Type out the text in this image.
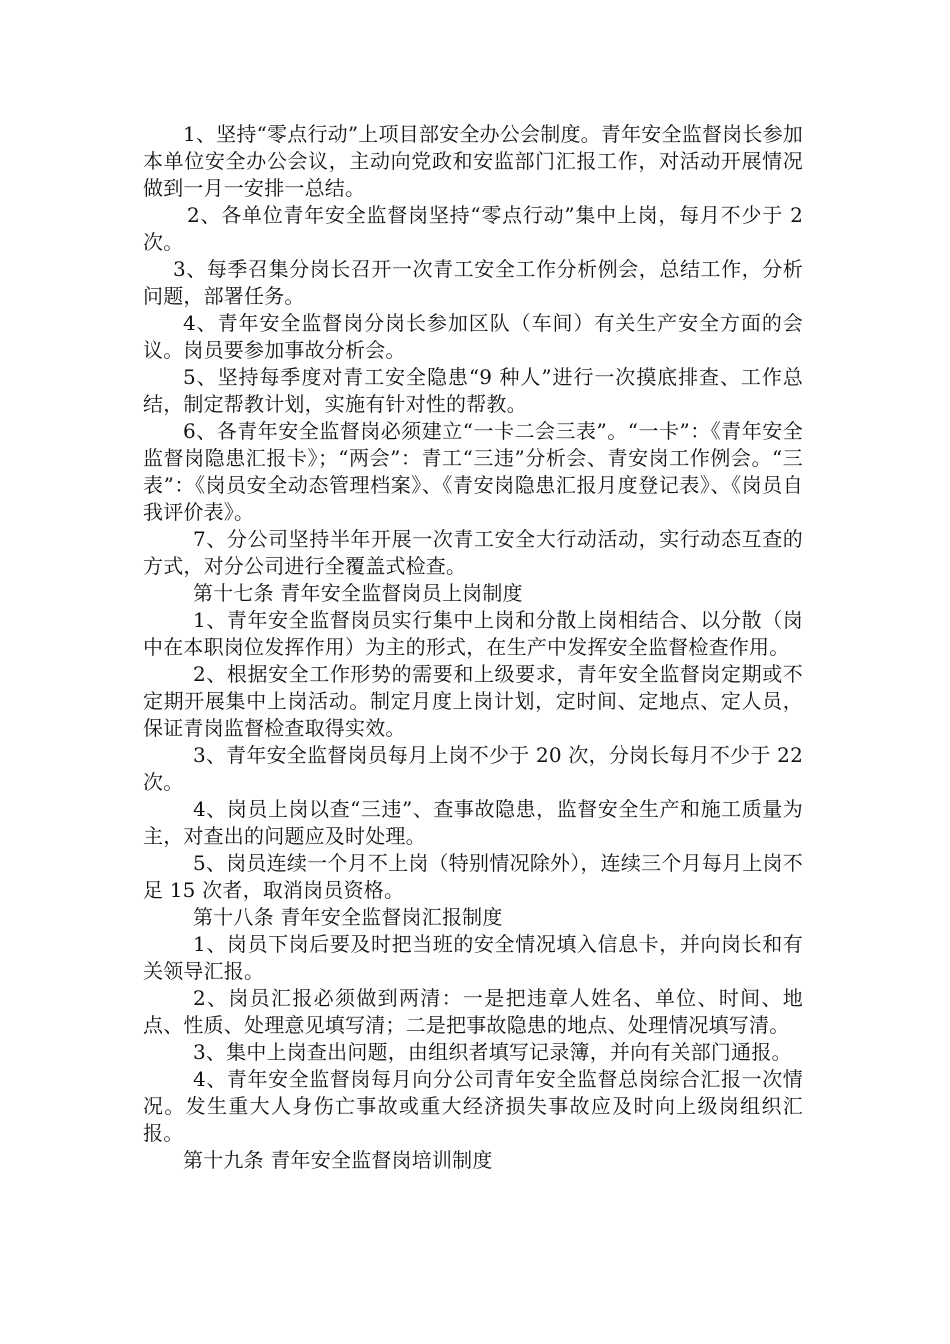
1、坚持“零点行动”上项目部安全办公会制度。青年安全监督岗长参加本单位安全办公会议，主动向党政和安监部门汇报工作，对活动开展情况做到一月一安排一总结。

2、各单位青年安全监督岗坚持“零点行动”集中上岗，每月不少于 2 次。

3、每季召集分岗长召开一次青工安全工作分析例会，总结工作，分析问题，部署任务。

4、青年安全监督岗分岗长参加区队（车间）有关生产安全方面的会议。岗员要参加事故分析会。

5、坚持每季度对青工安全隐患“9 种人”进行一次摸底排查、工作总结，制定帮教计划，实施有针对性的帮教。

6、各青年安全监督岗必须建立“一卡二会三表”。“一卡”：《青年安全监督岗隐患汇报卡》；“两会”：青工“三违”分析会、青安岗工作例会。“三表”：《岗员安全动态管理档案》、《青安岗隐患汇报月度登记表》、《岗员自我评价表》。

7、分公司坚持半年开展一次青工安全大行动活动，实行动态互查的方式，对分公司进行全覆盖式检查。

第十七条 青年安全监督岗员上岗制度

1、青年安全监督岗员实行集中上岗和分散上岗相结合、以分散（岗中在本职岗位发挥作用）为主的形式，在生产中发挥安全监督检查作用。

2、根据安全工作形势的需要和上级要求，青年安全监督岗定期或不定期开展集中上岗活动。制定月度上岗计划，定时间、定地点、定人员，保证青岗监督检查取得实效。

3、青年安全监督岗员每月上岗不少于 20 次，分岗长每月不少于 22 次。

4、岗员上岗以查“三违”、查事故隐患，监督安全生产和施工质量为主，对查出的问题应及时处理。

5、岗员连续一个月不上岗（特别情况除外），连续三个月每月上岗不足 15 次者，取消岗员资格。

第十八条 青年安全监督岗汇报制度

1、岗员下岗后要及时把当班的安全情况填入信息卡，并向岗长和有关领导汇报。

2、岗员汇报必须做到两清：一是把违章人姓名、单位、时间、地点、性质、处理意见填写清；二是把事故隐患的地点、处理情况填写清。

3、集中上岗查出问题，由组织者填写记录簿，并向有关部门通报。

4、青年安全监督岗每月向分公司青年安全监督总岗综合汇报一次情况。发生重大人身伤亡事故或重大经济损失事故应及时向上级岗组织汇报。

第十九条 青年安全监督岗培训制度
